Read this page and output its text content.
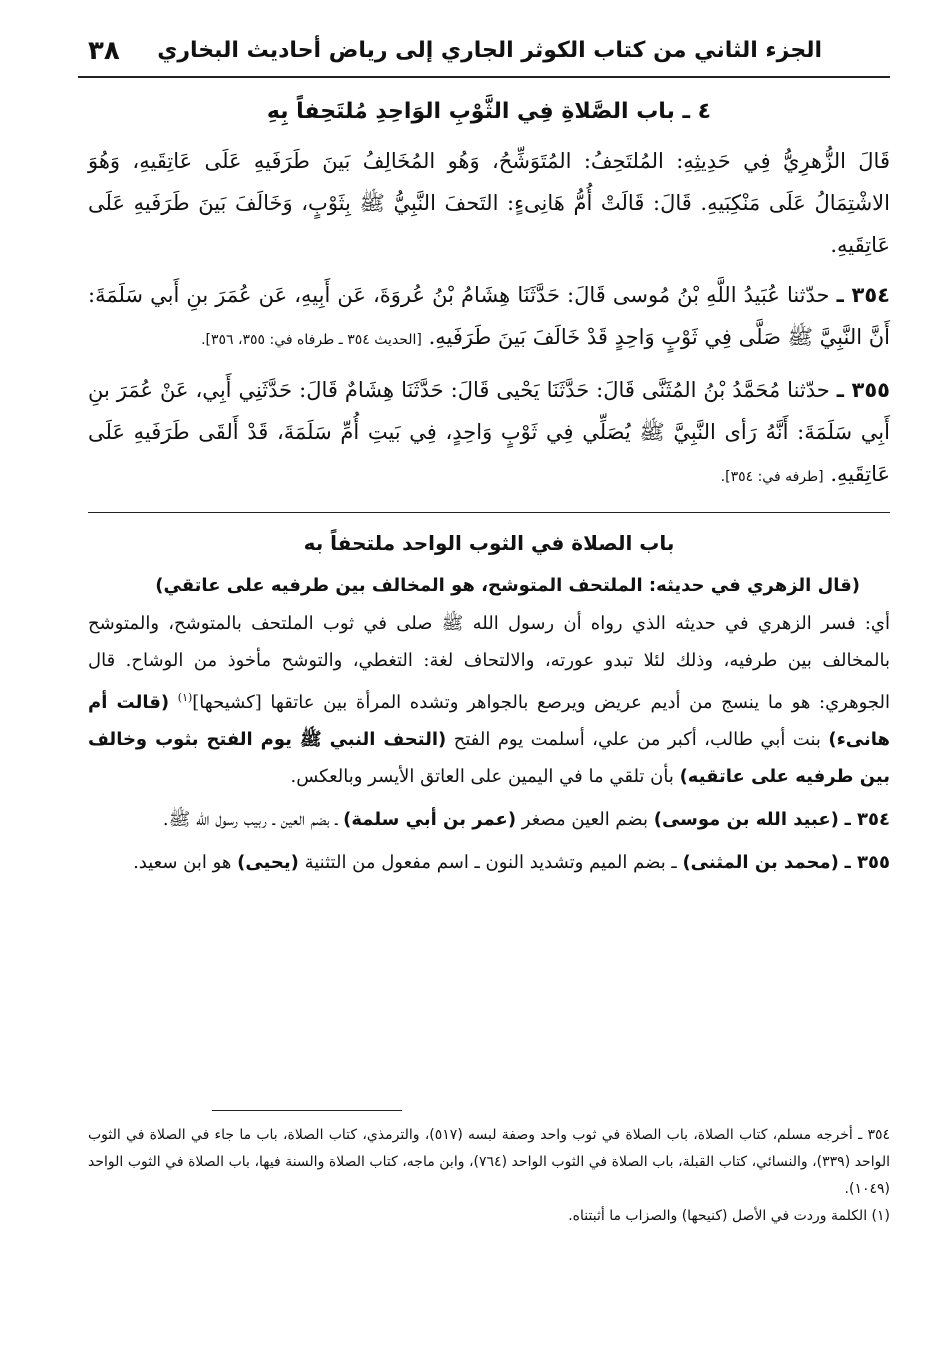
الجزء الثاني من كتاب الكوثر الجاري إلى رياض أحاديث البخاري
٣٨
٤ ـ باب الصَّلاةِ فِي الثَّوْبِ الوَاحِدِ مُلتَحِفاً بِهِ

قَالَ الزُّهرِيُّ فِي حَدِيثِهِ: المُلتَحِفُ: المُتَوَشِّحُ، وَهُو المُخَالِفُ بَينَ طَرَفَيهِ عَلَى عَاتِقَيهِ، وَهُوَ الاشْتِمَالُ عَلَى مَنْكِبَيهِ. قَالَ: قَالَتْ أُمُّ هَانِىءٍ: التَحفَ النَّبِيُّ ﷺ بِثَوْبٍ، وَخَالَفَ بَينَ طَرَفَيهِ عَلَى عَاتِقَيهِ.

٣٥٤ ـ حدّثنا عُبَيدُ اللَّهِ بْنُ مُوسى قَالَ: حَدَّثَنَا هِشَامُ بْنُ عُروَةَ، عَن أَبِيهِ، عَن عُمَرَ بنِ أَبي سَلَمَةَ: أَنَّ النَّبِيَّ ﷺ صَلَّى فِي ثَوْبٍ وَاحِدٍ قَدْ خَالَفَ بَينَ طَرَفَيهِ. [الحديث ٣٥٤ ـ طرفاه في: ٣٥٥، ٣٥٦].

٣٥٥ ـ حدّثنا مُحَمَّدُ بْنُ المُثَنَّى قَالَ: حَدَّثَنَا يَحْيى قَالَ: حَدَّثَنَا هِشَامٌ قَالَ: حَدَّثَنِي أَبِي، عَنْ عُمَرَ بنِ أَبِي سَلَمَةَ: أَنَّهُ رَأى النَّبِيَّ ﷺ يُصَلِّي فِي ثَوْبٍ وَاحِدٍ، فِي بَيتِ أُمِّ سَلَمَةَ، قَدْ أَلقَى طَرَفَيهِ عَلَى عَاتِقَيهِ. [طرفه في: ٣٥٤].

باب الصلاة في الثوب الواحد ملتحفاً به

(قال الزهري في حديثه: الملتحف المتوشح، هو المخالف بين طرفيه على عاتقي)

أي: فسر الزهري في حديثه الذي رواه أن رسول الله ﷺ صلى في ثوب الملتحف بالمتوشح، والمتوشح بالمخالف بين طرفيه، وذلك لئلا تبدو عورته، والالتحاف لغة: التغطي، والتوشح مأخوذ من الوشاح. قال الجوهري: هو ما ينسج من أديم عريض ويرصع بالجواهر وتشده المرأة بين عاتقها [كشيحها]$^{(١)}$ (قالت أم هانىء) بنت أبي طالب، أكبر من علي، أسلمت يوم الفتح (التحف النبي ﷺ يوم الفتح بثوب وخالف بين طرفيه على عاتقيه) بأن تلقي ما في اليمين على العاتق الأيسر وبالعكس.

٣٥٤ ـ (عبيد الله بن موسى) بضم العين مصغر (عمر بن أبي سلمة) ـ بضم العين ـ ربيب رسول الله ﷺ.

٣٥٥ ـ (محمد بن المثنى) ـ بضم الميم وتشديد النون ـ اسم مفعول من التثنية (يحيى) هو ابن سعيد.

٣٥٤ ـ أخرجه مسلم، كتاب الصلاة، باب الصلاة في ثوب واحد وصفة لبسه (٥١٧)، والترمذي، كتاب الصلاة، باب ما جاء في الصلاة في الثوب الواحد (٣٣٩)، والنسائي، كتاب القبلة، باب الصلاة في الثوب الواحد (٧٦٤)، وابن ماجه، كتاب الصلاة والسنة فيها، باب الصلاة في الثوب الواحد (١٠٤٩).

(١) الكلمة وردت في الأصل (كنيحها) والصزاب ما أثبتناه.
